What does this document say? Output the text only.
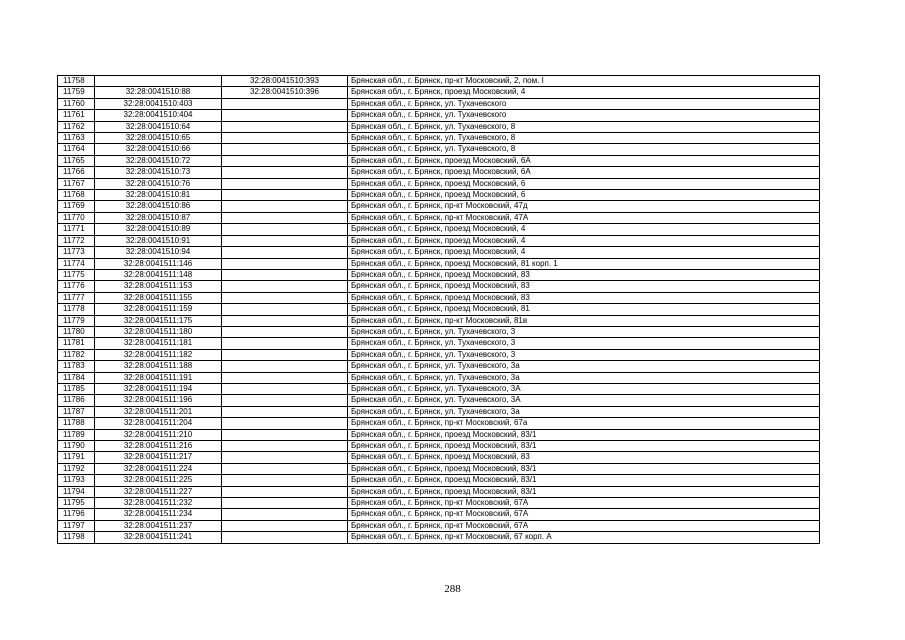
11758		32:28:0041510:393	Брянская обл., г. Брянск, пр-кт Московский, 2, пом. I
11759	32:28:0041510:88	32:28:0041510:396	Брянская обл., г. Брянск, проезд Московский, 4
11760	32:28:0041510:403		Брянская обл., г. Брянск, ул. Тухачевского
11761	32:28:0041510:404		Брянская обл., г. Брянск, ул. Тухачевского
11762	32:28:0041510:64		Брянская обл., г. Брянск, ул. Тухачевского, 8
11763	32:28:0041510:65		Брянская обл., г. Брянск, ул. Тухачевского, 8
11764	32:28:0041510:66		Брянская обл., г. Брянск, ул. Тухачевского, 8
11765	32:28:0041510:72		Брянская обл., г. Брянск, проезд Московский, 6А
11766	32:28:0041510:73		Брянская обл., г. Брянск, проезд Московский, 6А
11767	32:28:0041510:76		Брянская обл., г. Брянск, проезд Московский, 6
11768	32:28:0041510:81		Брянская обл., г. Брянск, проезд Московский, 6
11769	32:28:0041510:86		Брянская обл., г. Брянск, пр-кт Московский, 47д
11770	32:28:0041510:87		Брянская обл., г. Брянск, пр-кт Московский, 47А
11771	32:28:0041510:89		Брянская обл., г. Брянск, проезд Московский, 4
11772	32:28:0041510:91		Брянская обл., г. Брянск, проезд Московский, 4
11773	32:28:0041510:94		Брянская обл., г. Брянск, проезд Московский, 4
11774	32:28:0041511:146		Брянская обл., г. Брянск, проезд Московский, 81 корп. 1
11775	32:28:0041511:148		Брянская обл., г. Брянск, проезд Московский, 83
11776	32:28:0041511:153		Брянская обл., г. Брянск, проезд Московский, 83
11777	32:28:0041511:155		Брянская обл., г. Брянск, проезд Московский, 83
11778	32:28:0041511:159		Брянская обл., г. Брянск, проезд Московский, 81
11779	32:28:0041511:175		Брянская обл., г. Брянск, пр-кт Московский, 81в
11780	32:28:0041511:180		Брянская обл., г. Брянск, ул. Тухачевского, 3
11781	32:28:0041511:181		Брянская обл., г. Брянск, ул. Тухачевского, 3
11782	32:28:0041511:182		Брянская обл., г. Брянск, ул. Тухачевского, 3
11783	32:28:0041511:188		Брянская обл., г. Брянск, ул. Тухачевского, 3а
11784	32:28:0041511:191		Брянская обл., г. Брянск, ул. Тухачевского, 3а
11785	32:28:0041511:194		Брянская обл., г. Брянск, ул. Тухачевского, 3А
11786	32:28:0041511:196		Брянская обл., г. Брянск, ул. Тухачевского, 3А
11787	32:28:0041511:201		Брянская обл., г. Брянск, ул. Тухачевского, 3а
11788	32:28:0041511:204		Брянская обл., г. Брянск, пр-кт Московский, 67а
11789	32:28:0041511:210		Брянская обл., г. Брянск, проезд Московский, 83/1
11790	32:28:0041511:216		Брянская обл., г. Брянск, проезд Московский, 83/1
11791	32:28:0041511:217		Брянская обл., г. Брянск, проезд Московский, 83
11792	32:28:0041511:224		Брянская обл., г. Брянск, проезд Московский, 83/1
11793	32:28:0041511:225		Брянская обл., г. Брянск, проезд Московский, 83/1
11794	32:28:0041511:227		Брянская обл., г. Брянск, проезд Московский, 83/1
11795	32:28:0041511:232		Брянская обл., г. Брянск, пр-кт Московский, 67А
11796	32:28:0041511:234		Брянская обл., г. Брянск, пр-кт Московский, 67А
11797	32:28:0041511:237		Брянская обл., г. Брянск, пр-кт Московский, 67А
11798	32:28:0041511:241		Брянская обл., г. Брянск, пр-кт Московский, 67 корп. А
288
